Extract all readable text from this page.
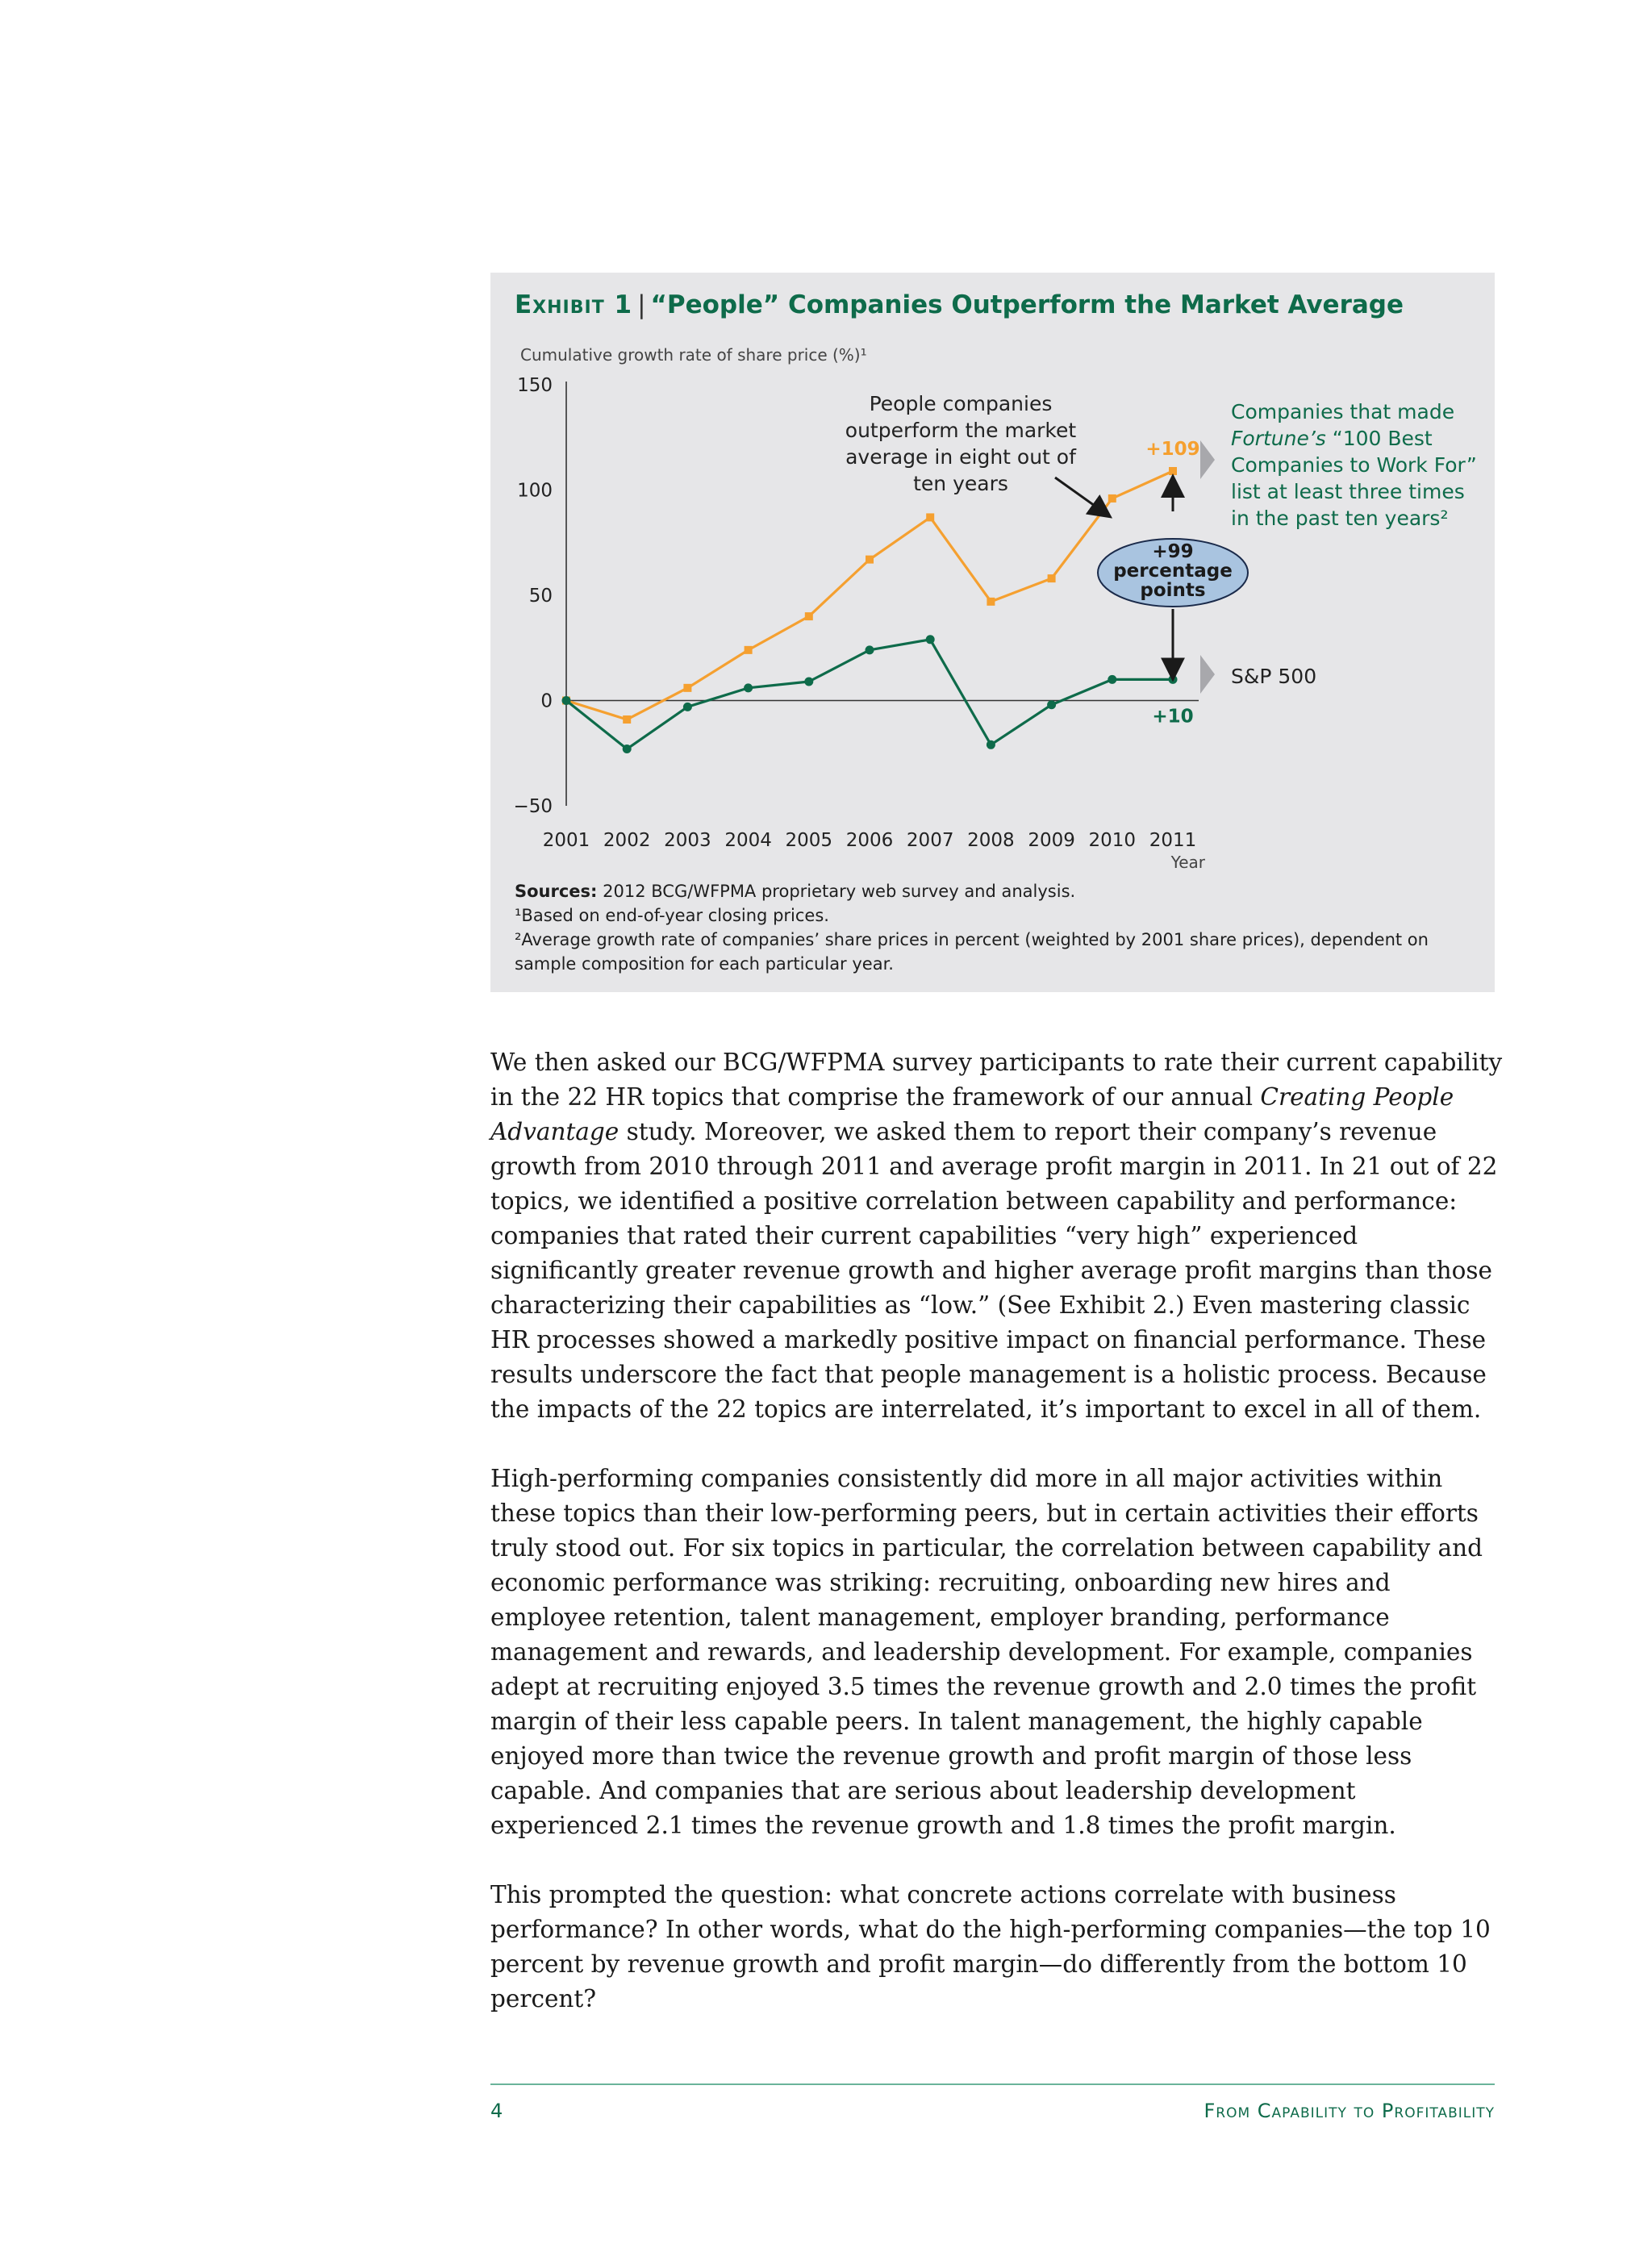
Exhibit 1 | “People” Companies Outperform the Market Average
Cumulative growth rate of share price (%)¹
150
100
50
0
−50
2001 2002 2003 2004 2005 2006 2007 2008 2009 2010 2011
Year
+99
percentage
points
+109
+10
People companies outperform the market average in eight out of ten years
Companies that made Fortune’s “100 Best Companies to Work For” list at least three times in the past ten years²
S&P 500
Sources: 2012 BCG/WFPMA proprietary web survey and analysis.
¹Based on end-of-year closing prices.
²Average growth rate of companies’ share prices in percent (weighted by 2001 share prices), dependent on sample composition for each particular year.

We then asked our BCG/WFPMA survey participants to rate their current capability in the 22 HR topics that comprise the framework of our annual Creating People Advantage study. Moreover, we asked them to report their company’s revenue growth from 2010 through 2011 and average profit margin in 2011. In 21 out of 22 topics, we identified a positive correlation between capability and performance: companies that rated their current capabilities “very high” experienced significantly greater revenue growth and higher average profit margins than those characterizing their capabilities as “low.” (See Exhibit 2.) Even mastering classic HR processes showed a markedly positive impact on financial performance. These results underscore the fact that people management is a holistic process. Because the impacts of the 22 topics are interrelated, it’s important to excel in all of them.

High-performing companies consistently did more in all major activities within these topics than their low-performing peers, but in certain activities their efforts truly stood out. For six topics in particular, the correlation between capability and economic performance was striking: recruiting, onboarding new hires and employee retention, talent management, employer branding, performance management and rewards, and leadership development. For example, companies adept at recruiting enjoyed 3.5 times the revenue growth and 2.0 times the profit margin of their less capable peers. In talent management, the highly capable enjoyed more than twice the revenue growth and profit margin of those less capable. And companies that are serious about leadership development experienced 2.1 times the revenue growth and 1.8 times the profit margin.

This prompted the question: what concrete actions correlate with business performance? In other words, what do the high-performing companies—the top 10 percent by revenue growth and profit margin—do differently from the bottom 10 percent?

4	From Capability to Profitability
